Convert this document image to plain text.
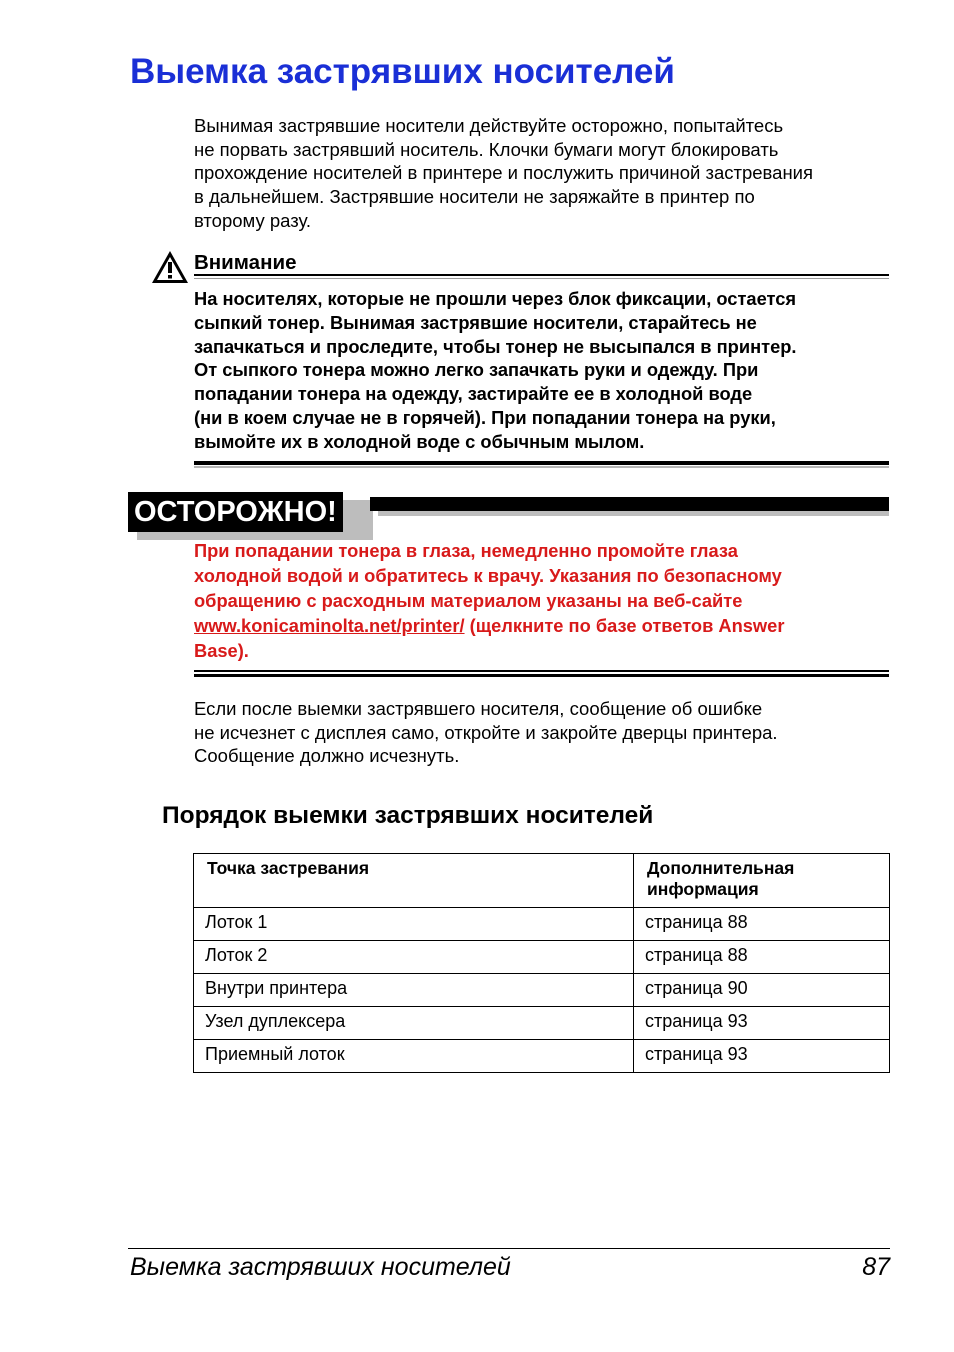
Выемка застрявших носителей

Вынимая застрявшие носители действуйте осторожно, попытайтесь
не порвать застрявший носитель. Клочки бумаги могут блокировать
прохождение носителей в принтере и послужить причиной застревания
в дальнейшем. Застрявшие носители не заряжайте в принтер по
второму разу.

Внимание

На носителях, которые не прошли через блок фиксации, остается
сыпкий тонер. Вынимая застрявшие носители, старайтесь не
запачкаться и проследите, чтобы тонер не высыпался в принтер.
От сыпкого тонера можно легко запачкать руки и одежду. При
попадании тонера на одежду, застирайте ее в холодной воде
(ни в коем случае не в горячей). При попадании тонера на руки,
вымойте их в холодной воде с обычным мылом.

ОСТОРОЖНО!
При попадании тонера в глаза, немедленно промойте глаза
холодной водой и обратитесь к врачу. Указания по безопасному
обращению с расходным материалом указаны на веб-сайте
www.konicaminolta.net/printer/ (щелкните по базе ответов Answer
Base).

Если после выемки застрявшего носителя, сообщение об ошибке
не исчезнет с дисплея само, откройте и закройте дверцы принтера.
Сообщение должно исчезнуть.

Порядок выемки застрявших носителей
Точка застревания	Дополнительная информация
Лоток 1	страница 88
Лоток 2	страница 88
Внутри принтера	страница 90
Узел дуплексера	страница 93
Приемный лоток	страница 93
Выемка застрявших носителей	87
